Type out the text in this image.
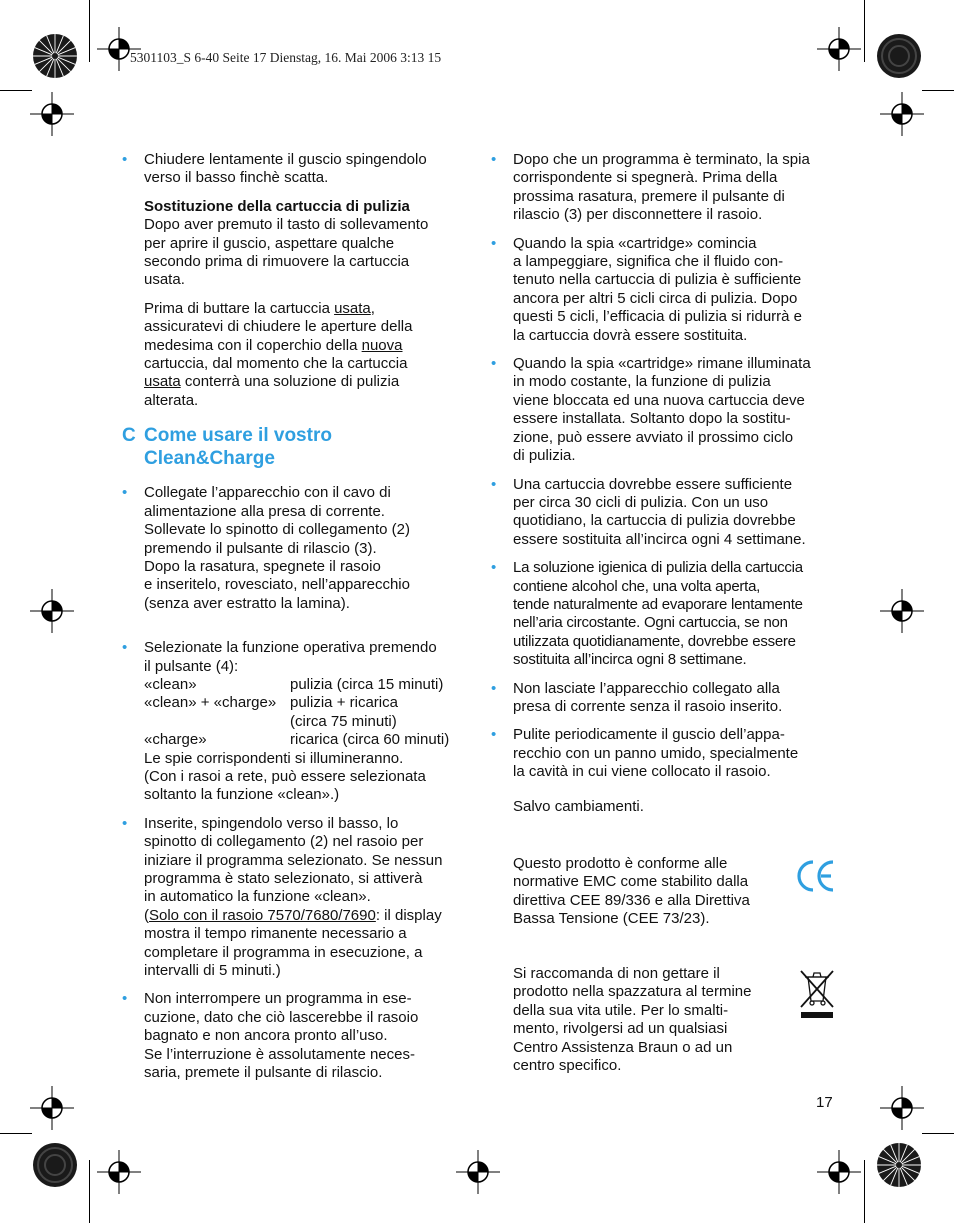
5301103_S 6-40 Seite 17 Dienstag, 16. Mai 2006 3:13 15
• Chiudere lentamente il guscio spingendolo
verso il basso finchè scatta.
Sostituzione della cartuccia di pulizia
Dopo aver premuto il tasto di sollevamento
per aprire il guscio, aspettare qualche
secondo prima di rimuovere la cartuccia
usata.
Prima di buttare la cartuccia usata,
assicuratevi di chiudere le aperture della
medesima con il coperchio della nuova
cartuccia, dal momento che la cartuccia
usata conterrà una soluzione di pulizia
alterata.
C Come usare il vostro
Clean&Charge
• Collegate l’apparecchio con il cavo di
alimentazione alla presa di corrente.
Sollevate lo spinotto di collegamento (2)
premendo il pulsante di rilascio (3).
Dopo la rasatura, spegnete il rasoio
e inseritelo, rovesciato, nell’apparecchio
(senza aver estratto la lamina).
• Selezionate la funzione operativa premendo
il pulsante (4):
«clean»	pulizia (circa 15 minuti)
«clean» + «charge» pulizia + ricarica
(circa 75 minuti)
«charge»	ricarica (circa 60 minuti)
Le spie corrispondenti si illumineranno.
(Con i rasoi a rete, può essere selezionata
soltanto la funzione «clean».)
• Inserite, spingendolo verso il basso, lo
spinotto di collegamento (2) nel rasoio per
iniziare il programma selezionato. Se nessun
programma è stato selezionato, si attiverà
in automatico la funzione «clean».
(Solo con il rasoio 7570/7680/7690: il display
mostra il tempo rimanente necessario a
completare il programma in esecuzione, a
intervalli di 5 minuti.)
• Non interrompere un programma in ese-
cuzione, dato che ciò lascerebbe il rasoio
bagnato e non ancora pronto all’uso.
Se l’interruzione è assolutamente neces-
saria, premete il pulsante di rilascio.
• Dopo che un programma è terminato, la spia
corrispondente si spegnerà. Prima della
prossima rasatura, premere il pulsante di
rilascio (3) per disconnettere il rasoio.
• Quando la spia «cartridge» comincia
a lampeggiare, significa che il fluido con-
tenuto nella cartuccia di pulizia è sufficiente
ancora per altri 5 cicli circa di pulizia. Dopo
questi 5 cicli, l’efficacia di pulizia si ridurrà e
la cartuccia dovrà essere sostituita.
• Quando la spia «cartridge» rimane illuminata
in modo costante, la funzione di pulizia
viene bloccata ed una nuova cartuccia deve
essere installata. Soltanto dopo la sostitu-
zione, può essere avviato il prossimo ciclo
di pulizia.
• Una cartuccia dovrebbe essere sufficiente
per circa 30 cicli di pulizia. Con un uso
quotidiano, la cartuccia di pulizia dovrebbe
essere sostituita all’incirca ogni 4 settimane.
• La soluzione igienica di pulizia della cartuccia
contiene alcohol che, una volta aperta,
tende naturalmente ad evaporare lentamente
nell’aria circostante. Ogni cartuccia, se non
utilizzata quotidianamente, dovrebbe essere
sostituita all’incirca ogni 8 settimane.
• Non lasciate l’apparecchio collegato alla
presa di corrente senza il rasoio inserito.
• Pulite periodicamente il guscio dell’appa-
recchio con un panno umido, specialmente
la cavità in cui viene collocato il rasoio.
Salvo cambiamenti.
Questo prodotto è conforme alle
normative EMC come stabilito dalla
direttiva CEE 89/336 e alla Direttiva
Bassa Tensione (CEE 73/23).
Si raccomanda di non gettare il
prodotto nella spazzatura al termine
della sua vita utile. Per lo smalti-
mento, rivolgersi ad un qualsiasi
Centro Assistenza Braun o ad un
centro specifico.
17
